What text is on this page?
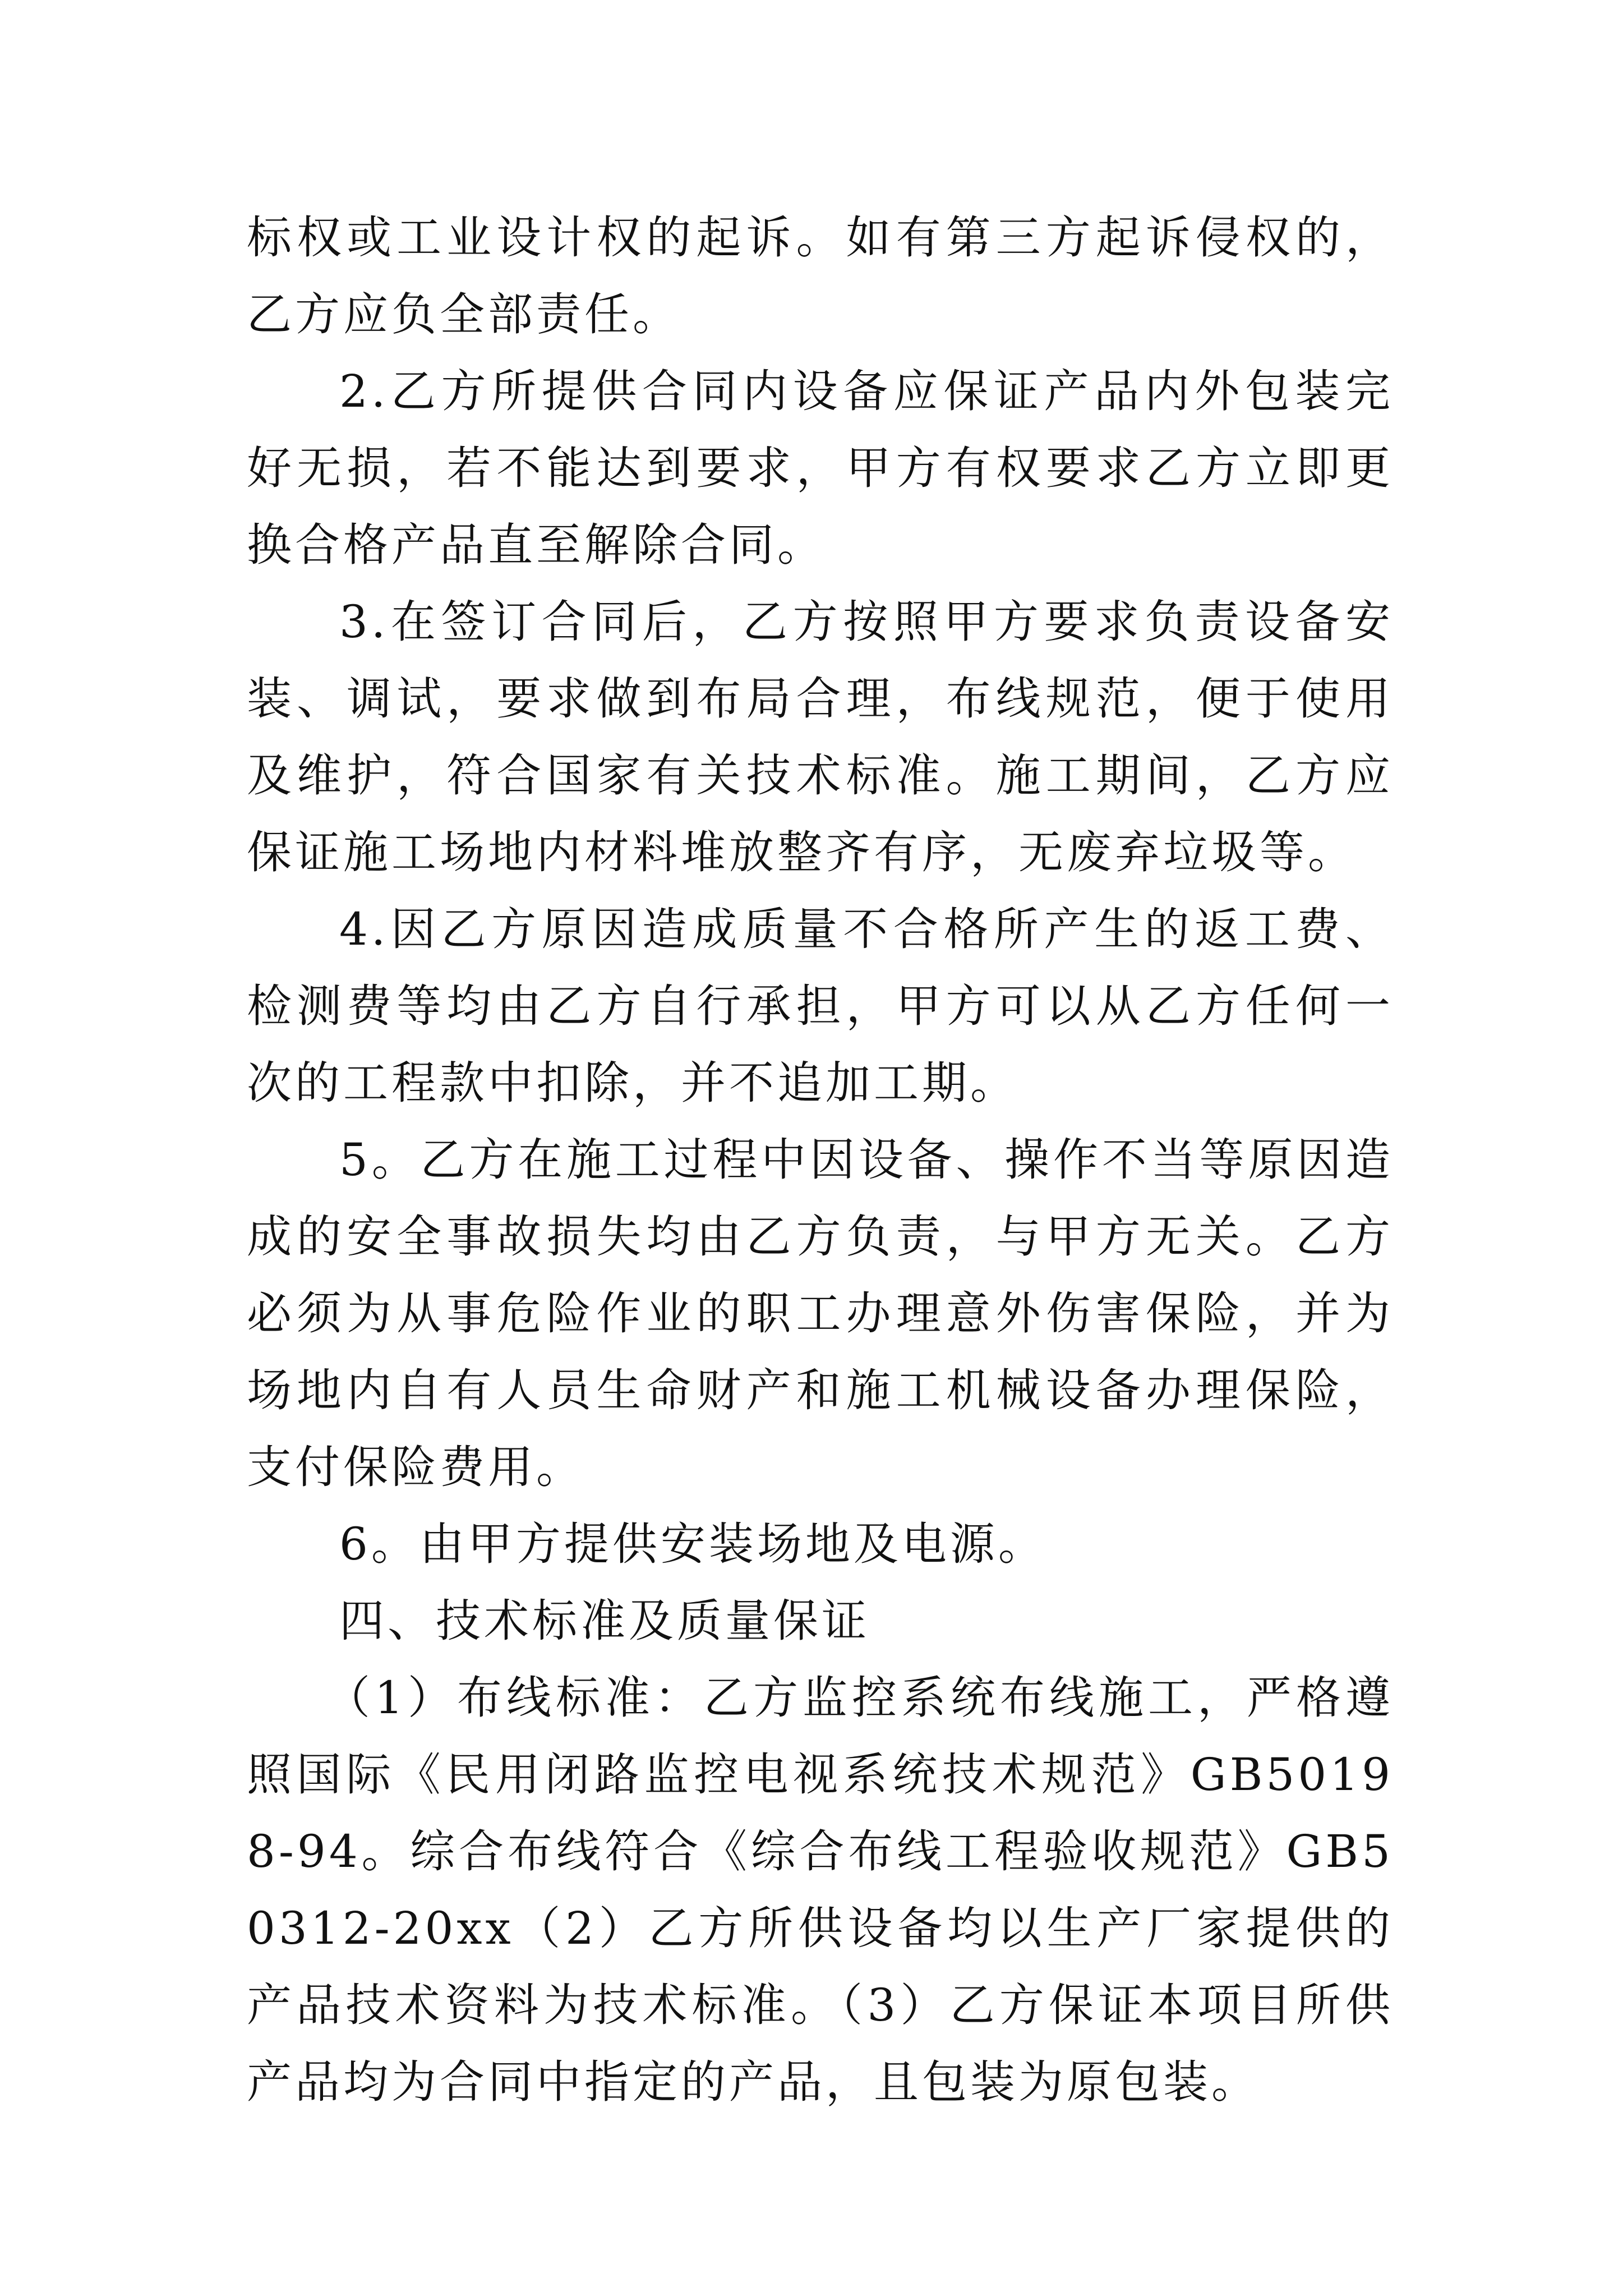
标权或工业设计权的起诉。如有第三方起诉侵权的，乙方应负全部责任。

2.乙方所提供合同内设备应保证产品内外包装完好无损，若不能达到要求，甲方有权要求乙方立即更换合格产品直至解除合同。

3.在签订合同后，乙方按照甲方要求负责设备安装、调试，要求做到布局合理，布线规范，便于使用及维护，符合国家有关技术标准。施工期间，乙方应保证施工场地内材料堆放整齐有序，无废弃垃圾等。

4.因乙方原因造成质量不合格所产生的返工费、检测费等均由乙方自行承担，甲方可以从乙方任何一次的工程款中扣除，并不追加工期。

5。乙方在施工过程中因设备、操作不当等原因造成的安全事故损失均由乙方负责，与甲方无关。乙方必须为从事危险作业的职工办理意外伤害保险，并为场地内自有人员生命财产和施工机械设备办理保险，支付保险费用。

6。由甲方提供安装场地及电源。

四、技术标准及质量保证

（1）布线标准：乙方监控系统布线施工，严格遵照国际《民用闭路监控电视系统技术规范》GB50198-94。综合布线符合《综合布线工程验收规范》GB50312-20xx（2）乙方所供设备均以生产厂家提供的产品技术资料为技术标准。（3）乙方保证本项目所供产品均为合同中指定的产品，且包装为原包装。
